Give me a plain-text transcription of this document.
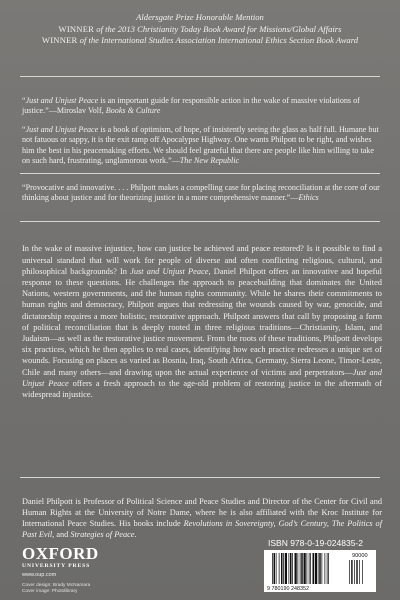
Aldersgate Prize Honorable Mention
WINNER of the 2013 Christianity Today Book Award for Missions/Global Affairs
WINNER of the International Studies Association International Ethics Section Book Award

“Just and Unjust Peace is an important guide for responsible action in the wake of massive violations of justice.”—Miroslav Volf, Books & Culture

“Just and Unjust Peace is a book of optimism, of hope, of insistently seeing the glass as half full. Humane but not fatuous or sappy, it is the exit ramp off Apocalypse Highway. One wants Philpott to be right, and wishes him the best in his peacemaking efforts. We should feel grateful that there are people like him willing to take on such hard, frustrating, unglamorous work.”—The New Republic

“Provocative and innovative. . . . Philpott makes a compelling case for placing reconciliation at the core of our thinking about justice and for theorizing justice in a more comprehensive manner.”—Ethics

In the wake of massive injustice, how can justice be achieved and peace restored? Is it possible to find a universal standard that will work for people of diverse and often conflicting religious, cultural, and philosophical backgrounds? In Just and Unjust Peace, Daniel Philpott offers an innovative and hopeful response to these questions. He challenges the approach to peacebuilding that dominates the United Nations, western governments, and the human rights community. While he shares their commitments to human rights and democracy, Philpott argues that redressing the wounds caused by war, genocide, and dictatorship requires a more holistic, restorative approach. Philpott answers that call by proposing a form of political reconciliation that is deeply rooted in three religious traditions—Christianity, Islam, and Judaism—as well as the restorative justice movement. From the roots of these traditions, Philpott develops six practices, which he then applies to real cases, identifying how each practice redresses a unique set of wounds. Focusing on places as varied as Bosnia, Iraq, South Africa, Germany, Sierra Leone, Timor-Leste, Chile and many others—and drawing upon the actual experience of victims and perpetrators—Just and Unjust Peace offers a fresh approach to the age-old problem of restoring justice in the aftermath of widespread injustice.

Daniel Philpott is Professor of Political Science and Peace Studies and Director of the Center for Civil and Human Rights at the University of Notre Dame, where he is also affiliated with the Kroc Institute for International Peace Studies. His books include Revolutions in Sovereignty, God’s Century, The Politics of Past Evil, and Strategies of Peace.

OXFORD
UNIVERSITY PRESS
www.oup.com
Cover design: Brady McNamara
Cover image: Photolibrary
ISBN 978-0-19-024835-2
9 780190 248352
90000
